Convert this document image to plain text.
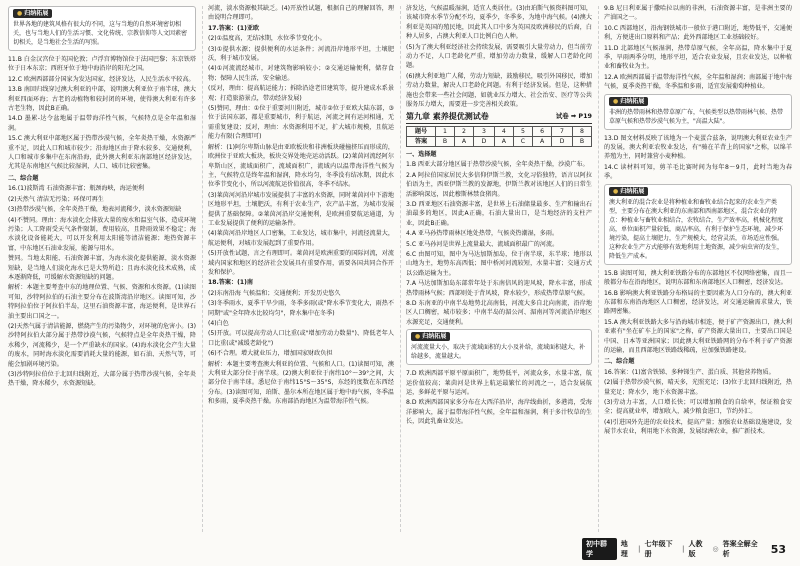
● 归纳拓展
世界各地的建筑风格有很大的不同，这与当地的自然环境密切相关，也与当地人们的生活习惯、文化传统、宗教信仰等人文因素密切相关，是当地社会生活的写照。

11.B 白金汉宫位于英国伦敦；卢浮宫博物馆位于法国巴黎；东京铁塔位于日本东京；西班牙位于地中海沿岸的阳光之国。

12.C 欧洲西部部分国家为发达国家，经济发达，人民生活水平较高。

13.B 南回归线穿过澳大利亚的中部，说明澳大利亚位于南半球，澳大利亚四面环海；古老的动植物和较封闭的环境，使得澳大利亚有许多古老生物，因此B正确。

14.D 墨累-达令盆地属于温带海洋性气候，气候特点是全年温和湿润。

15.C 澳大利亚中部地区属于热带沙漠气候，全年炎热干燥，水资源严重不足，因此人口和城市较少；沿海地区由于降水较多、交通便利，人口和城市多集中在东南沿海，此外澳大利亚东南部地区经济发达，尤其是东南地区气候比较湿润，人口、城市比较密集。

二、综合题

16.(1)波斯湾 石油资源丰富；瓶颈海峡，海运便利

(2)天然气 清洁无污染；环保可再生

(3)热带沙漠气候，全年炎热干燥，地表河流稀少，淡水资源短缺

(4)不赞同。理由：海水淡化会排放大量的废水和温室气体，造成环境污染；人工降雨受天气条件限制，费用较高，且降雨效果不稳定；海水淡化设备能耗大，可以开发利用太阳能等清洁能源；地热资源丰富，中东地区石油业发展，能源与用水。

赞同。当地太阳能、石油资源丰富，为海水淡化提供能源，淡水资源短缺，是当地人们淡化海水已是大势所趋；且海水淡化技术成熟，成本逐渐降低，可缓解水资源短缺的问题。

解析：本题主要考查中东的地理位置、气候、资源和水资源。(1)读图可知，沙特阿拉伯的石油主要分布在波斯湾沿岸地区。读图可知，沙特阿拉伯位于阿拉伯半岛，这里石油资源丰富，海运便利，是世界石油主要出口国之一。

(2)天然气属于清洁能源，燃烧产生的污染物少，对环境的危害小。(3)沙特阿拉伯大部分属于热带沙漠气候，气候特点是全年炎热干燥，降水稀少，河流稀少，是一个严重缺水的国家。(4)海水淡化会产生大量的废水，同时海水淡化需要消耗大量的能源，如石油、天然气等，可能会加剧环境污染。

(3)沙特阿拉伯位于北回归线附近，大部分属于热带沙漠气候，全年炎热干燥，降水稀少，水资源短缺。

河流，淡水资源极其缺乏。(4)开放性试题，根据自己的理解回答，理由说明合理即可。

17.答案：(1)亚欧

(2)①温度高，无结冰期，水位季节变化小。

(3)①提供水源；提供便利的水运条件；河流沿岸地形平坦，土壤肥沃，利于城市发展。

(4)①河流流经城市，对建筑物影响较小；②交通运输便利，储存食物；保障人民生活，安全输送。

(反对，理由：提高航运能力；拆除沿途老旧建筑等，提升建成水系景观；打造旅游景点，带动经济发展)

(5)赞同，理由：①位于重要河川附近，城市②位于亚欧大陆东部，③位于法国东部，都是重要城市，利于航运，河流之间有运河相通，无需重复建设；反对，理由：水资源利用不足，扩大城市规模，且航运能力有限(合理即可)

解析：(1)阿尔卑斯山脉是由亚欧板块和非洲板块碰撞挤压而形成的，欧洲位于亚欧大板块，板块交界处地壳运动活跃。(2)莱茵河流经阿尔卑斯山区，流域面积广，流域面积广，流域内以温带海洋性气候为主，气候特点是终年温和湿润，降水均匀，冬季没有结冰期，因此水位季节变化小，所以河流航运价值很高，冬季不结冰。

(3)莱茵河河沿岸城市发展提供了丰富的水资源，同时莱茵河中下游地区地形平坦，土壤肥沃，有利于农业生产，农产品丰富，为城市发展提供了基础保障。②莱茵河沿岸交通便利，是欧洲重要航运通道，为工业发展提供了便利的运输条件。

(4)莱茵河沿岸地区人口密集，工业发达，城市集中，河流径流量大，航运便利，对城市发展起到了重要作用。

(5)开放性试题，言之有理即可。莱茵河是欧洲重要的国际河流，对流域内国家和地区的经济社会发展具有重要作用，需要各国共同合作开发和保护。

18.答案：(1)南

(2)东南沿海 气候温和；交通便利；开发历史悠久

(3)冬季雨水，夏季干旱少雨，冬季多雨(或"降水季节变化大，雨热不同期"或"全年降水比较均匀"，降水集中在冬季)

(4)白色

(5)开放。可以提高劳动人口比重(或"增加劳动力数量")、降低老年人口比重(或"减缓老龄化")

(6)不合理。增大就业压力，增加国家财政负担

解析：本题主要考查澳大利亚的位置、气候和人口。(1)读图可知，澳大利亚大部分位于南半球。(2)澳大利亚位于南纬10°～39°之间，大部分位于南半球。悉尼位于南纬15°S～35°S，东经的度数在东西经分布。(3)读图可知，珀斯、墨尔本所在地区属于地中海气候，冬季温和多雨，夏季炎热干燥。东南部沿海地区为温带海洋性气候。

济发达，气候温暖湿润，适宜人类居住。(3)由珀斯气候资料图可知，该城市降水季节分配不均，夏季少，冬季多，为地中海气候。(4)澳大利亚是英国的殖民地，因此其人口中多为英国及欧洲移民的后裔，白种人居多，占澳大利亚人口比例白色人种。

(5)为了澳大利亚经济社会持续发展，需要吸引大量劳动力，但当前劳动力不足，人口老龄化严重，增加劳动力数量，缓解人口老龄化问题。

(6)澳大利亚地广人稀，劳动力短缺，鼓励移民，吸引外国移民，增加劳动力数量，解决人口老龄化问题。有利于经济发展。但是，这种措施也会带来一些社会问题，如就业压力增大、社会治安、医疗等公共服务压力增大，需要进一步完善相关政策。

第九章 素养提优测试卷	试卷 ➡ P19
题号	1	2	3	4	5	6	7	8
答案	B	A	D	A	C	A	D	B

一、选择题

1.B 西亚大部分地区属于热带沙漠气候，全年炎热干燥，沙漠广布。

2.A 阿拉伯国家居民大多信仰伊斯兰教，文化习俗独特，语言以阿拉伯语为主，西亚伊斯兰教的发源地，伊斯兰教对该地区人们的日常生活影响深远，因此穆斯林禁食猪肉。

3.D 西亚地区石油资源丰富，是世界上石油储量最多、生产和输出石油最多的地区，因此A正确，石油大量出口，是当地经济的支柱产业，因此B正确。

4.A 亚马孙热带雨林区地处热带，气候炎热潮湿，多雨。

5.C 亚马孙河是世界上流量最大、流域面积最广的河流。

6.C 由图可知，图中为马达加斯加岛，位于南半球，东半球；地形以山地为主，地势东高西低；图中桥河河流较短，水量丰富；交通方式以公路运输为主。

7.A 马达加斯加岛东部常年处于东南信风的迎风坡，降水丰富，形成热带雨林气候；西部则处于背风坡，降水较少，形成热带草原气候。

8.D 东南亚的中南半岛地势北高南低，河流大多自北向南流，沿岸地区人口稠密，城市较多；中南半岛的湄公河、湄南河等河流沿岸地区水源充足，交通便利。

● 归纳拓展
河流流量大小，取决于流域面积的大小及补给，流域面积越大，补给越多，流量越大。

7.D 欧洲西部平原平原面积广，地势低平，河流众多，水量丰富，航运价值较高；莱茵河是世界上航运最繁忙的河流之一，适合发展航运，多鲜花平原与运河。

8.D 欧洲西部国家多分布在大西洋沿岸，海岸线曲折，多港湾，受海洋影响大，属于温带海洋性气候，全年温和湿润，利于多汁牧草的生长，因此乳畜业发达。

9.B 尼日利亚属于撒哈拉以南的非洲，石油资源丰富，是非洲主要的产油国之一。

10.C 西部地区，沿海钢铁城市一般位于港口附近，地势低平，交通便利，方便进出口原料和产品；此外西部地区工业基础较好。

11.D 北部地区气候湿润，热带草原气候，全年高温，降水集中于夏季，旱雨两季分明，地形平坦，适合农业发展，且农业发达，以种植业和畜牧业为主。

12.A 欧洲西部属于温带海洋性气候，全年温和湿润；南部属于地中海气候，夏季炎热干燥，冬季温和多雨，适宜发展葡萄种植业。

● 归纳拓展
非洲的热带雨林和热带草原广布，气候类型以热带雨林气候、热带草原气候和热带沙漠气候为主，"高温大陆"。

13.D 图文材料反映了该地为一个麦蛋合兹条，说明澳大利亚农业生产的发展，澳大利亚农牧业发达，有"骑在羊背上的国家"之称，以绵羊养殖为主，同时兼营小麦种植。

14.C 读材料可知，剪羊毛比赛时间为每年8～9月，此时当地为春季。

● 归纳拓展
澳大利亚的混合农业是将种植业和畜牧业结合起来的农业生产类型，主要分布在澳大利亚的东南部和西南部地区，混合农业的特点：种植业与畜牧业相结合，农牧结合，生产效率高，机械化程度高，单位面积产量较低，商品率高，有利于保护生态环境，减少环境污染，提高土壤肥力，生产规模大，经营灵活，市场适应性强。这种农业生产方式能够有效地利用土地资源，减少病虫害的发生，降低生产成本。

15.B 读图可知，澳大利亚铁路分布的东部地区不仅网络密集，而且一般都分布在沿海地区，说明东部和东南部地区人口稠密，经济发达。

16.B 影响澳大利亚铁路分布格局的主要因素为人口分布的，澳大利亚东部和东南沿海地区人口稠密，经济发达，对交通运输需求量大，铁路网密集。

15.A 澳大利亚铁路大多与沿海城市相连，便于矿产资源出口，澳大利亚素有"坐在矿车上的国家"之称，矿产资源大量出口，主要出口国是中国、日本等亚洲国家；因此澳大利亚铁路网的分布不利于矿产资源的运输，而且西部地区铁路线稀疏，应加强铁路建设。

二、综合题

16.答案：(1)富含铁锑、多种锑生产、蛋白质、其他营养物质。

(2)属于热带沙漠气候，晴天多，光照充足；(3)位于北回归线附近，热量充足；降水少，地下水资源丰富。

(3)劳动力丰富，人口增长快；可以增加粮食的自给率，保证粮食安全；提高就业率，增加收入，减少粮食进口，节约外汇。

(4)引进国外先进的农业技术，提高产量；加强农业基础设施建设，发展节水农业，利用地下水资源，发展绿洲农业，推广新技术。

初中群学
地理
|
七年级下册
|
人教版
◎
答案全解全析	53
